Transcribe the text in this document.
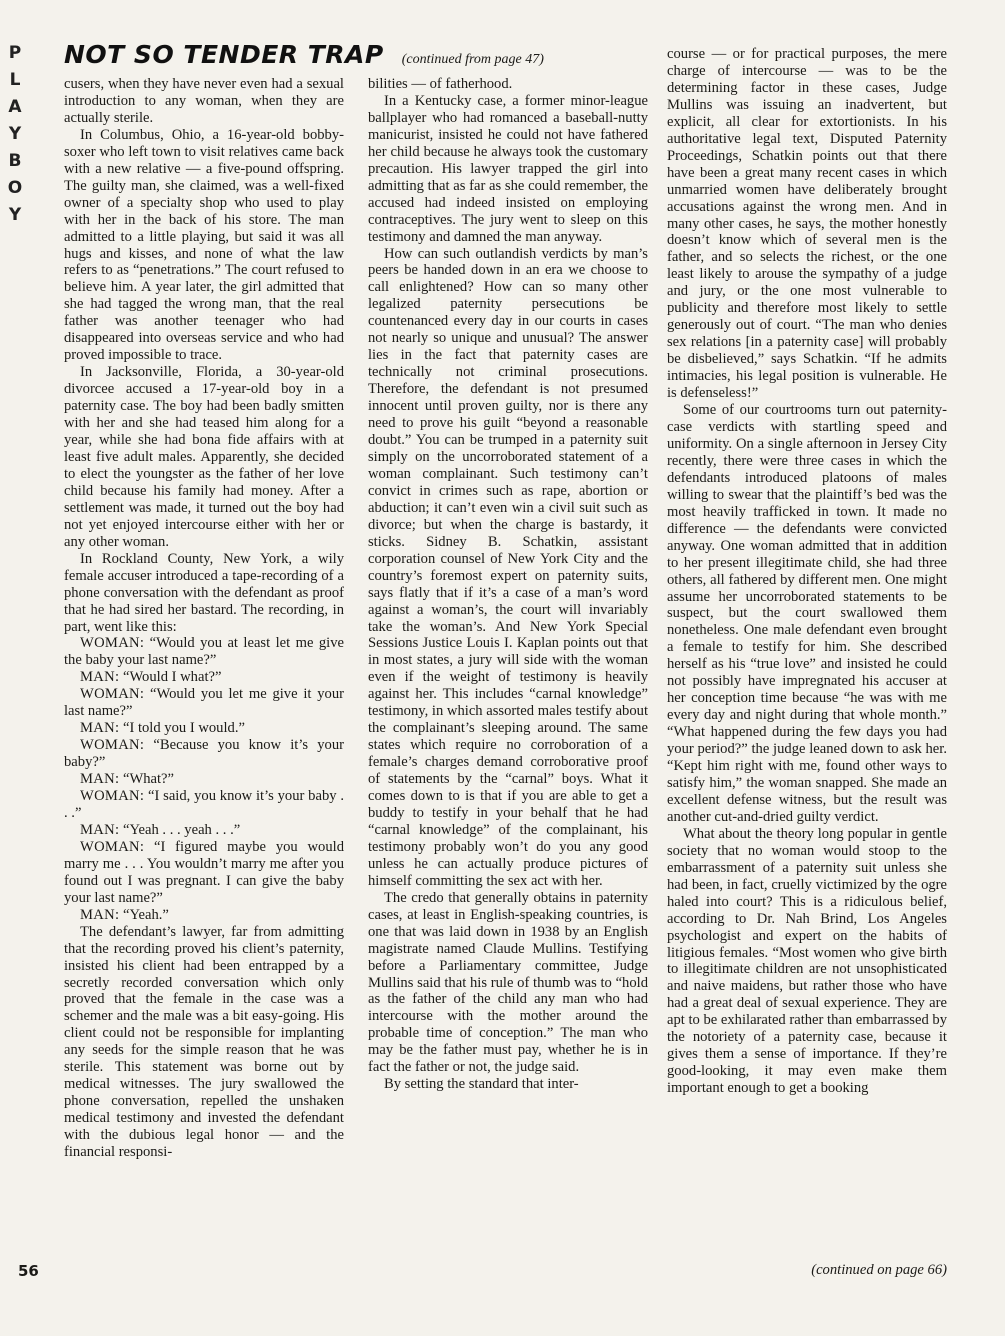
P
L
A
Y
B
O
Y
NOT SO TENDER TRAP (continued from page 47)

cusers, when they have never even had a sexual introduction to any woman, when they are actually sterile.

In Columbus, Ohio, a 16-year-old bobby-soxer who left town to visit relatives came back with a new relative — a five-pound offspring. The guilty man, she claimed, was a well-fixed owner of a specialty shop who used to play with her in the back of his store. The man admitted to a little playing, but said it was all hugs and kisses, and none of what the law refers to as “penetrations.” The court refused to believe him. A year later, the girl admitted that she had tagged the wrong man, that the real father was another teenager who had disappeared into overseas service and who had proved impossible to trace.

In Jacksonville, Florida, a 30-year-old divorcee accused a 17-year-old boy in a paternity case. The boy had been badly smitten with her and she had teased him along for a year, while she had bona fide affairs with at least five adult males. Apparently, she decided to elect the youngster as the father of her love child because his family had money. After a settlement was made, it turned out the boy had not yet enjoyed intercourse either with her or any other woman.

In Rockland County, New York, a wily female accuser introduced a tape-recording of a phone conversation with the defendant as proof that he had sired her bastard. The recording, in part, went like this:

WOMAN: “Would you at least let me give the baby your last name?”

MAN: “Would I what?”

WOMAN: “Would you let me give it your last name?”

MAN: “I told you I would.”

WOMAN: “Because you know it’s your baby?”

MAN: “What?”

WOMAN: “I said, you know it’s your baby . . .”

MAN: “Yeah . . . yeah . . .”

WOMAN: “I figured maybe you would marry me . . . You wouldn’t marry me after you found out I was pregnant. I can give the baby your last name?”

MAN: “Yeah.”

The defendant’s lawyer, far from admitting that the recording proved his client’s paternity, insisted his client had been entrapped by a secretly recorded conversation which only proved that the female in the case was a schemer and the male was a bit easy-going. His client could not be responsible for implanting any seeds for the simple reason that he was sterile. This statement was borne out by medical witnesses. The jury swallowed the phone conversation, repelled the unshaken medical testimony and invested the defendant with the dubious legal honor — and the financial responsi-

bilities — of fatherhood.

In a Kentucky case, a former minor-league ballplayer who had romanced a baseball-nutty manicurist, insisted he could not have fathered her child because he always took the customary precaution. His lawyer trapped the girl into admitting that as far as she could remember, the accused had indeed insisted on employing contraceptives. The jury went to sleep on this testimony and damned the man anyway.

How can such outlandish verdicts by man’s peers be handed down in an era we choose to call enlightened? How can so many other legalized paternity persecutions be countenanced every day in our courts in cases not nearly so unique and unusual? The answer lies in the fact that paternity cases are technically not criminal prosecutions. Therefore, the defendant is not presumed innocent until proven guilty, nor is there any need to prove his guilt “beyond a reasonable doubt.” You can be trumped in a paternity suit simply on the uncorroborated statement of a woman complainant. Such testimony can’t convict in crimes such as rape, abortion or abduction; it can’t even win a civil suit such as divorce; but when the charge is bastardy, it sticks. Sidney B. Schatkin, assistant corporation counsel of New York City and the country’s foremost expert on paternity suits, says flatly that if it’s a case of a man’s word against a woman’s, the court will invariably take the woman’s. And New York Special Sessions Justice Louis I. Kaplan points out that in most states, a jury will side with the woman even if the weight of testimony is heavily against her. This includes “carnal knowledge” testimony, in which assorted males testify about the complainant’s sleeping around. The same states which require no corroboration of a female’s charges demand corroborative proof of statements by the “carnal” boys. What it comes down to is that if you are able to get a buddy to testify in your behalf that he had “carnal knowledge” of the complainant, his testimony probably won’t do you any good unless he can actually produce pictures of himself committing the sex act with her.

The credo that generally obtains in paternity cases, at least in English-speaking countries, is one that was laid down in 1938 by an English magistrate named Claude Mullins. Testifying before a Parliamentary committee, Judge Mullins said that his rule of thumb was to “hold as the father of the child any man who had intercourse with the mother around the probable time of conception.” The man who may be the father must pay, whether he is in fact the father or not, the judge said.

By setting the standard that inter-

course — or for practical purposes, the mere charge of intercourse — was to be the determining factor in these cases, Judge Mullins was issuing an inadvertent, but explicit, all clear for extortionists. In his authoritative legal text, Disputed Paternity Proceedings, Schatkin points out that there have been a great many recent cases in which unmarried women have deliberately brought accusations against the wrong men. And in many other cases, he says, the mother honestly doesn’t know which of several men is the father, and so selects the richest, or the one least likely to arouse the sympathy of a judge and jury, or the one most vulnerable to publicity and therefore most likely to settle generously out of court. “The man who denies sex relations [in a paternity case] will probably be disbelieved,” says Schatkin. “If he admits intimacies, his legal position is vulnerable. He is defenseless!”

Some of our courtrooms turn out paternity-case verdicts with startling speed and uniformity. On a single afternoon in Jersey City recently, there were three cases in which the defendants introduced platoons of males willing to swear that the plaintiff’s bed was the most heavily trafficked in town. It made no difference — the defendants were convicted anyway. One woman admitted that in addition to her present illegitimate child, she had three others, all fathered by different men. One might assume her uncorroborated statements to be suspect, but the court swallowed them nonetheless. One male defendant even brought a female to testify for him. She described herself as his “true love” and insisted he could not possibly have impregnated his accuser at her conception time because “he was with me every day and night during that whole month.” “What happened during the few days you had your period?” the judge leaned down to ask her. “Kept him right with me, found other ways to satisfy him,” the woman snapped. She made an excellent defense witness, but the result was another cut-and-dried guilty verdict.

What about the theory long popular in gentle society that no woman would stoop to the embarrassment of a paternity suit unless she had been, in fact, cruelly victimized by the ogre haled into court? This is a ridiculous belief, according to Dr. Nah Brind, Los Angeles psychologist and expert on the habits of litigious females. “Most women who give birth to illegitimate children are not unsophisticated and naive maidens, but rather those who have had a great deal of sexual experience. They are apt to be exhilarated rather than embarrassed by the notoriety of a paternity case, because it gives them a sense of importance. If they’re good-looking, it may even make them important enough to get a booking

56	(continued on page 66)
